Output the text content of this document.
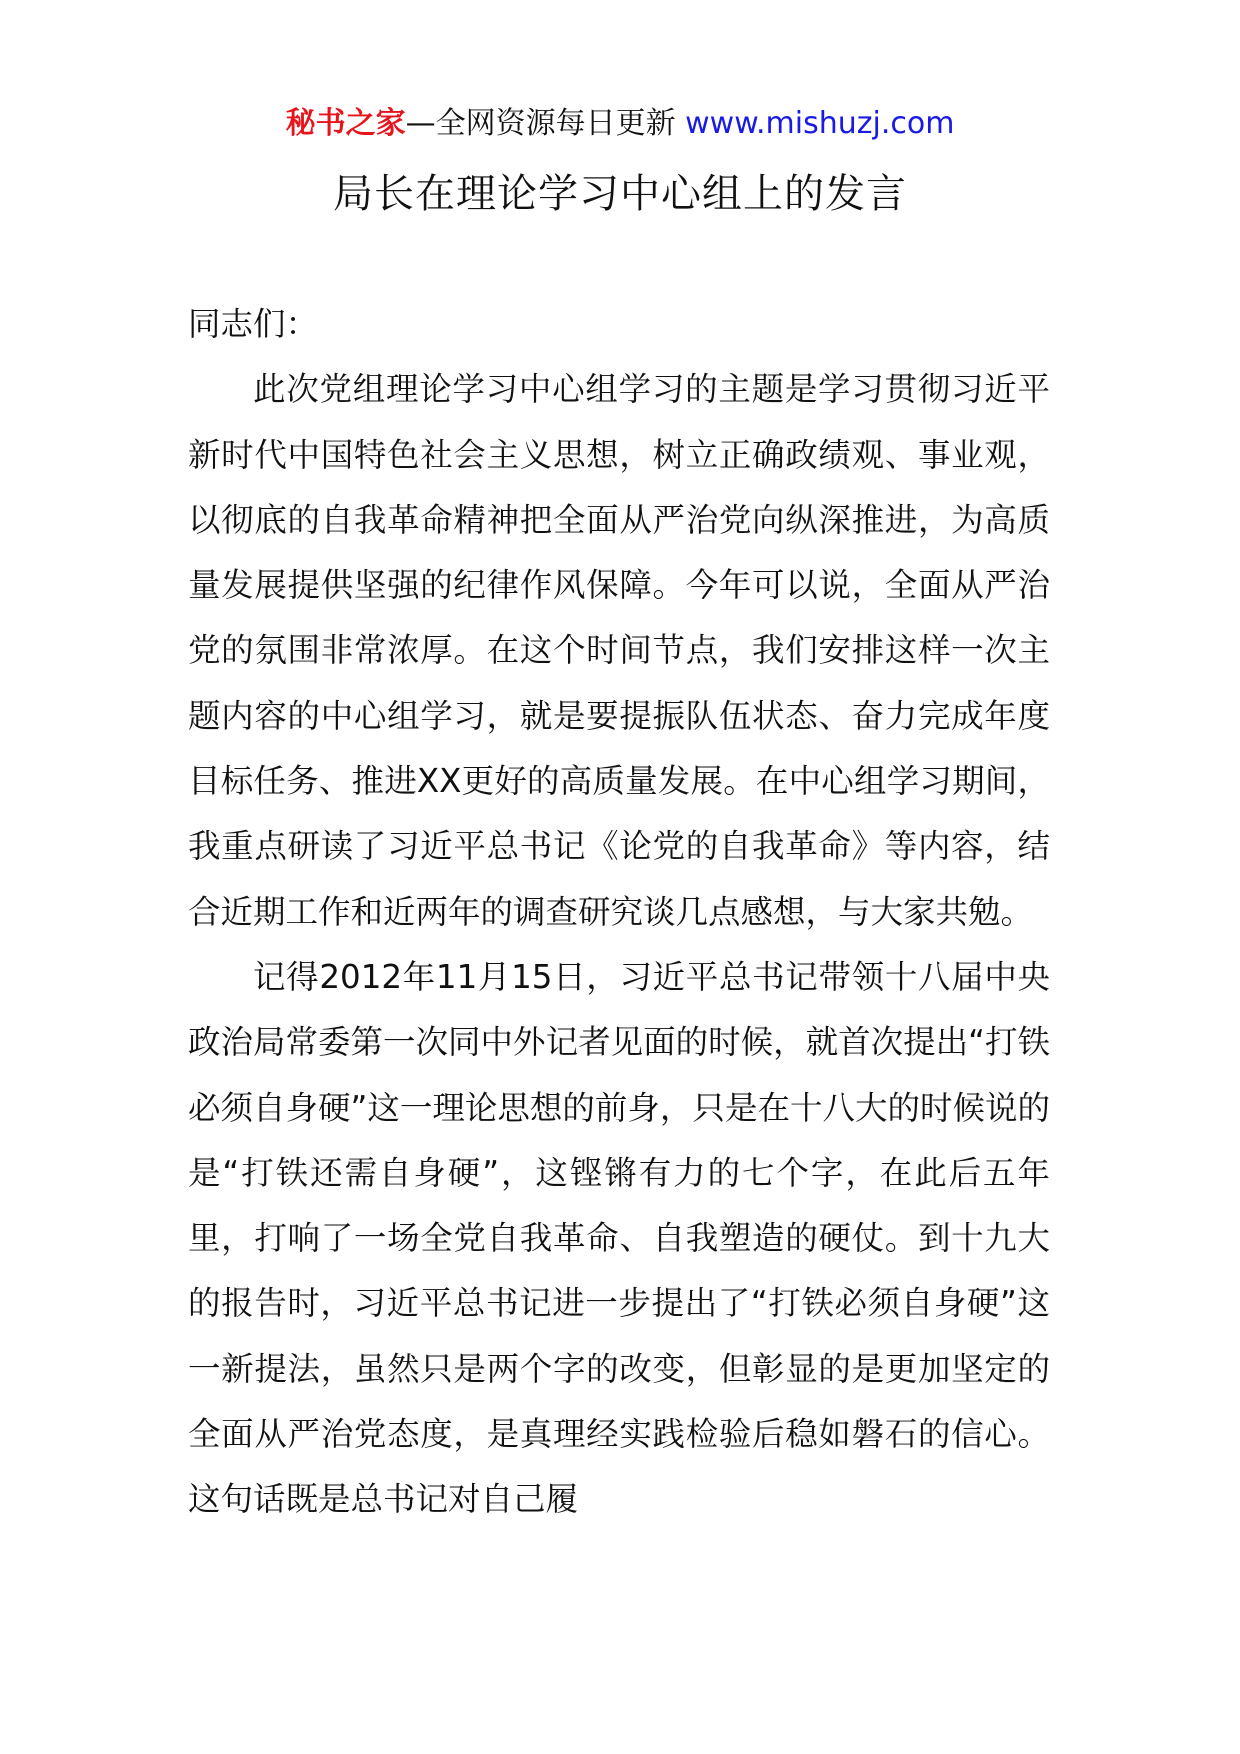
秘书之家—全网资源每日更新 www.mishuzj.com
局长在理论学习中心组上的发言

同志们：

此次党组理论学习中心组学习的主题是学习贯彻习近平新时代中国特色社会主义思想，树立正确政绩观、事业观，以彻底的自我革命精神把全面从严治党向纵深推进，为高质量发展提供坚强的纪律作风保障。今年可以说，全面从严治党的氛围非常浓厚。在这个时间节点，我们安排这样一次主题内容的中心组学习，就是要提振队伍状态、奋力完成年度目标任务、推进XX更好的高质量发展。在中心组学习期间，我重点研读了习近平总书记《论党的自我革命》等内容，结合近期工作和近两年的调查研究谈几点感想，与大家共勉。

记得2012年11月15日，习近平总书记带领十八届中央政治局常委第一次同中外记者见面的时候，就首次提出“打铁必须自身硬”这一理论思想的前身，只是在十八大的时候说的是“打铁还需自身硬”，这铿锵有力的七个字，在此后五年里，打响了一场全党自我革命、自我塑造的硬仗。到十九大的报告时，习近平总书记进一步提出了“打铁必须自身硬”这一新提法，虽然只是两个字的改变，但彰显的是更加坚定的全面从严治党态度，是真理经实践检验后稳如磐石的信心。这句话既是总书记对自己履
